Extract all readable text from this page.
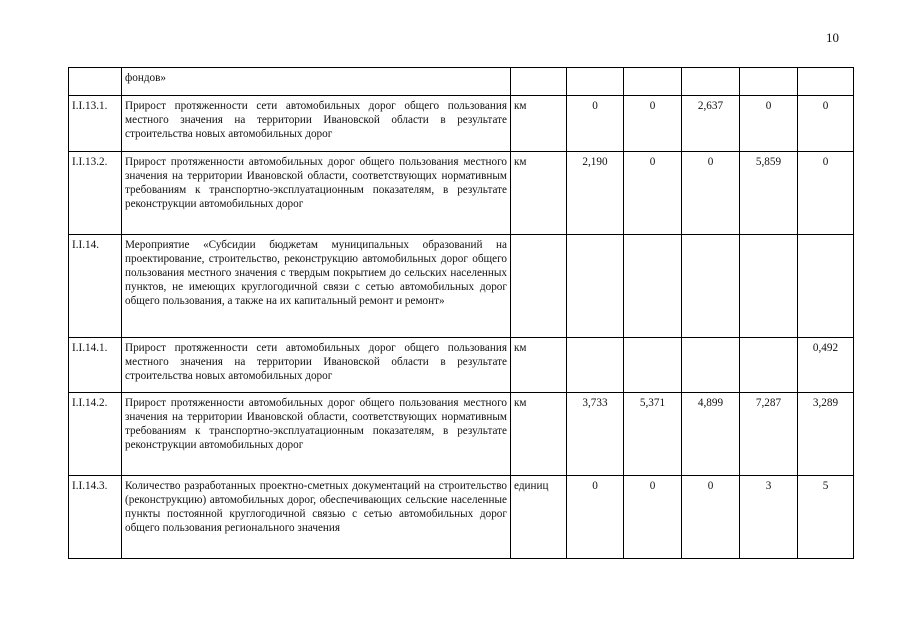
10
	фондов»						
I.I.13.1.	Прирост протяженности сети автомобильных дорог общего пользования местного значения на территории Ивановской области в результате строительства новых автомобильных дорог	км	0	0	2,637	0	0
I.I.13.2.	Прирост протяженности автомобильных дорог общего пользования местного значения на территории Ивановской области, соответствующих нормативным требованиям к транспортно-эксплуатационным показателям, в результате реконструкции автомобильных дорог	км	2,190	0	0	5,859	0
I.I.14.	Мероприятие «Субсидии бюджетам муниципальных образований на проектирование, строительство, реконструкцию автомобильных дорог общего пользования местного значения с твердым покрытием до сельских населенных пунктов, не имеющих круглогодичной связи с сетью автомобильных дорог общего пользования, а также на их капитальный ремонт и ремонт»						
I.I.14.1.	Прирост протяженности сети автомобильных дорог общего пользования местного значения на территории Ивановской области в результате строительства новых автомобильных дорог	км					0,492
I.I.14.2.	Прирост протяженности автомобильных дорог общего пользования местного значения на территории Ивановской области, соответствующих нормативным требованиям к транспортно-эксплуатационным показателям, в результате реконструкции автомобильных дорог	км	3,733	5,371	4,899	7,287	3,289
I.I.14.3.	Количество разработанных проектно-сметных документаций на строительство (реконструкцию) автомобильных дорог, обеспечивающих сельские населенные пункты постоянной круглогодичной связью с сетью автомобильных дорог общего пользования регионального значения	единиц	0	0	0	3	5
